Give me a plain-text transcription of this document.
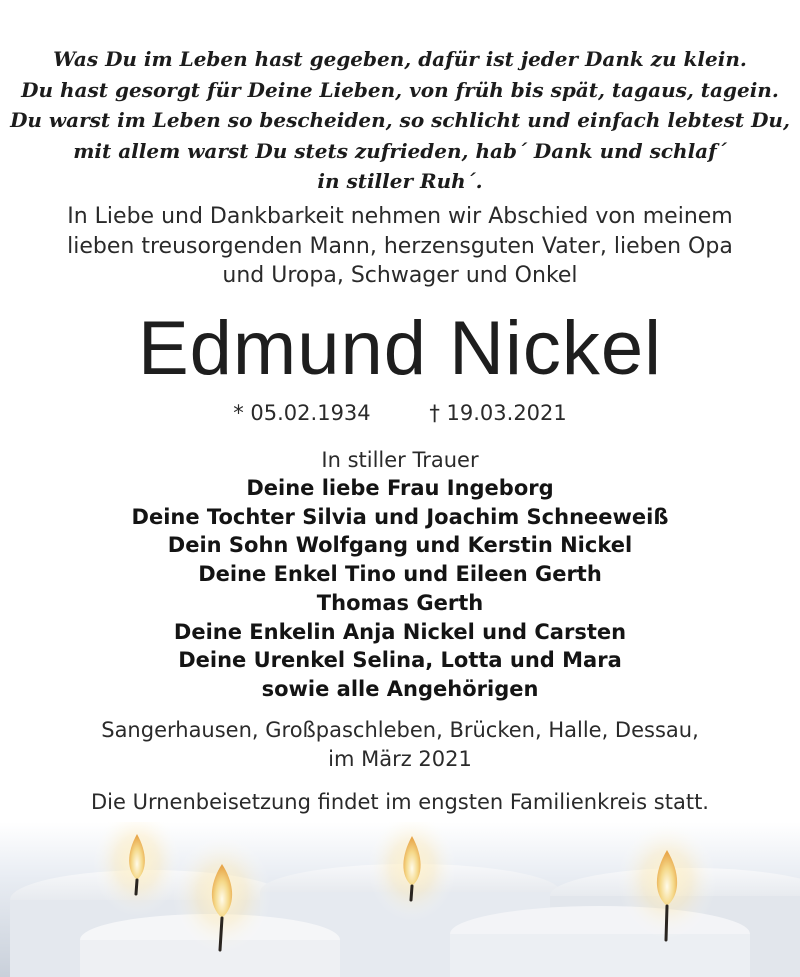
Was Du im Leben hast gegeben, dafür ist jeder Dank zu klein.
Du hast gesorgt für Deine Lieben, von früh bis spät, tagaus, tagein.
Du warst im Leben so bescheiden, so schlicht und einfach lebtest Du,
mit allem warst Du stets zufrieden, hab´ Dank und schlaf´
in stiller Ruh´.
In Liebe und Dankbarkeit nehmen wir Abschied von meinem
lieben treusorgenden Mann, herzensguten Vater, lieben Opa
und Uropa, Schwager und Onkel
Edmund Nickel
* 05.02.1934	† 19.03.2021
In stiller Trauer
Deine liebe Frau Ingeborg
Deine Tochter Silvia und Joachim Schneeweiß
Dein Sohn Wolfgang und Kerstin Nickel
Deine Enkel Tino und Eileen Gerth
Thomas Gerth
Deine Enkelin Anja Nickel und Carsten
Deine Urenkel Selina, Lotta und Mara
sowie alle Angehörigen
Sangerhausen, Großpaschleben, Brücken, Halle, Dessau,
im März 2021
Die Urnenbeisetzung findet im engsten Familienkreis statt.
